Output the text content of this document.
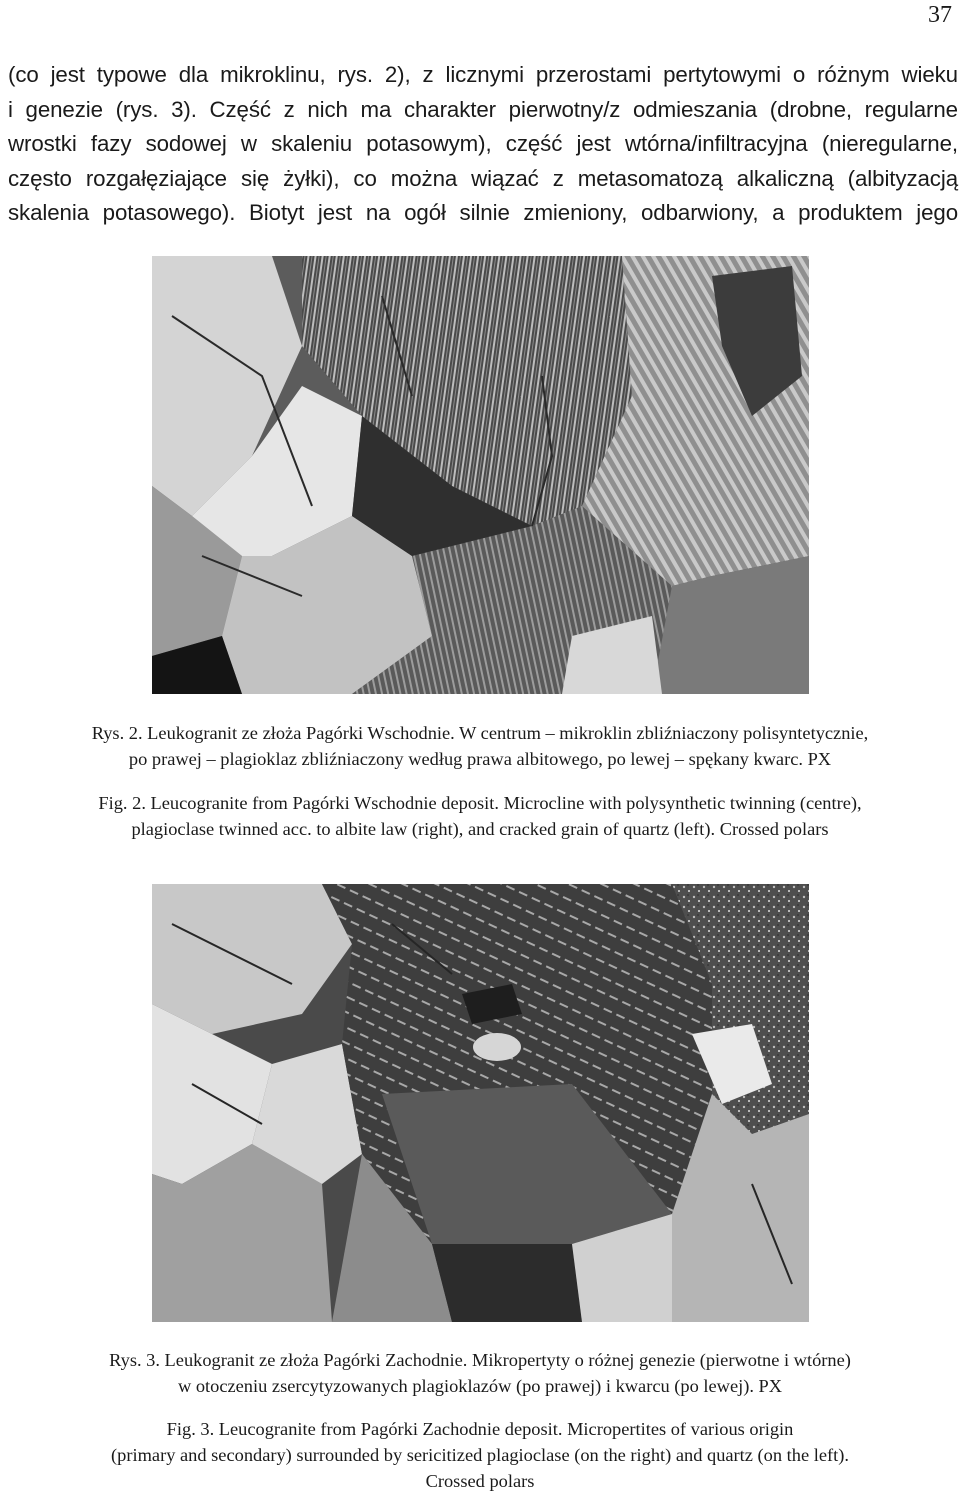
37
(co jest typowe dla mikroklinu, rys. 2), z licznymi przerostami pertytowymi o różnym wieku
i genezie (rys. 3). Część z nich ma charakter pierwotny/z odmieszania (drobne, regularne
wrostki fazy sodowej w skaleniu potasowym), część jest wtórna/infiltracyjna (nieregularne,
często rozgałęziające się żyłki), co można wiązać z metasomatozą alkaliczną (albityzacją
skalenia potasowego). Biotyt jest na ogół silnie zmieniony, odbarwiony, a produktem jego
Rys. 2. Leukogranit ze złoża Pagórki Wschodnie. W centrum – mikroklin zbliźniaczony polisyntetycznie,
po prawej – plagioklaz zbliźniaczony według prawa albitowego, po lewej – spękany kwarc. PX
Fig. 2. Leucogranite from Pagórki Wschodnie deposit. Microcline with polysynthetic twinning (centre),
plagioclase twinned acc. to albite law (right), and cracked grain of quartz (left). Crossed polars
Rys. 3. Leukogranit ze złoża Pagórki Zachodnie. Mikropertyty o różnej genezie (pierwotne i wtórne)
w otoczeniu zsercytyzowanych plagioklazów (po prawej) i kwarcu (po lewej). PX
Fig. 3. Leucogranite from Pagórki Zachodnie deposit. Micropertites of various origin
(primary and secondary) surrounded by sericitized plagioclase (on the right) and quartz (on the left).
Crossed polars
